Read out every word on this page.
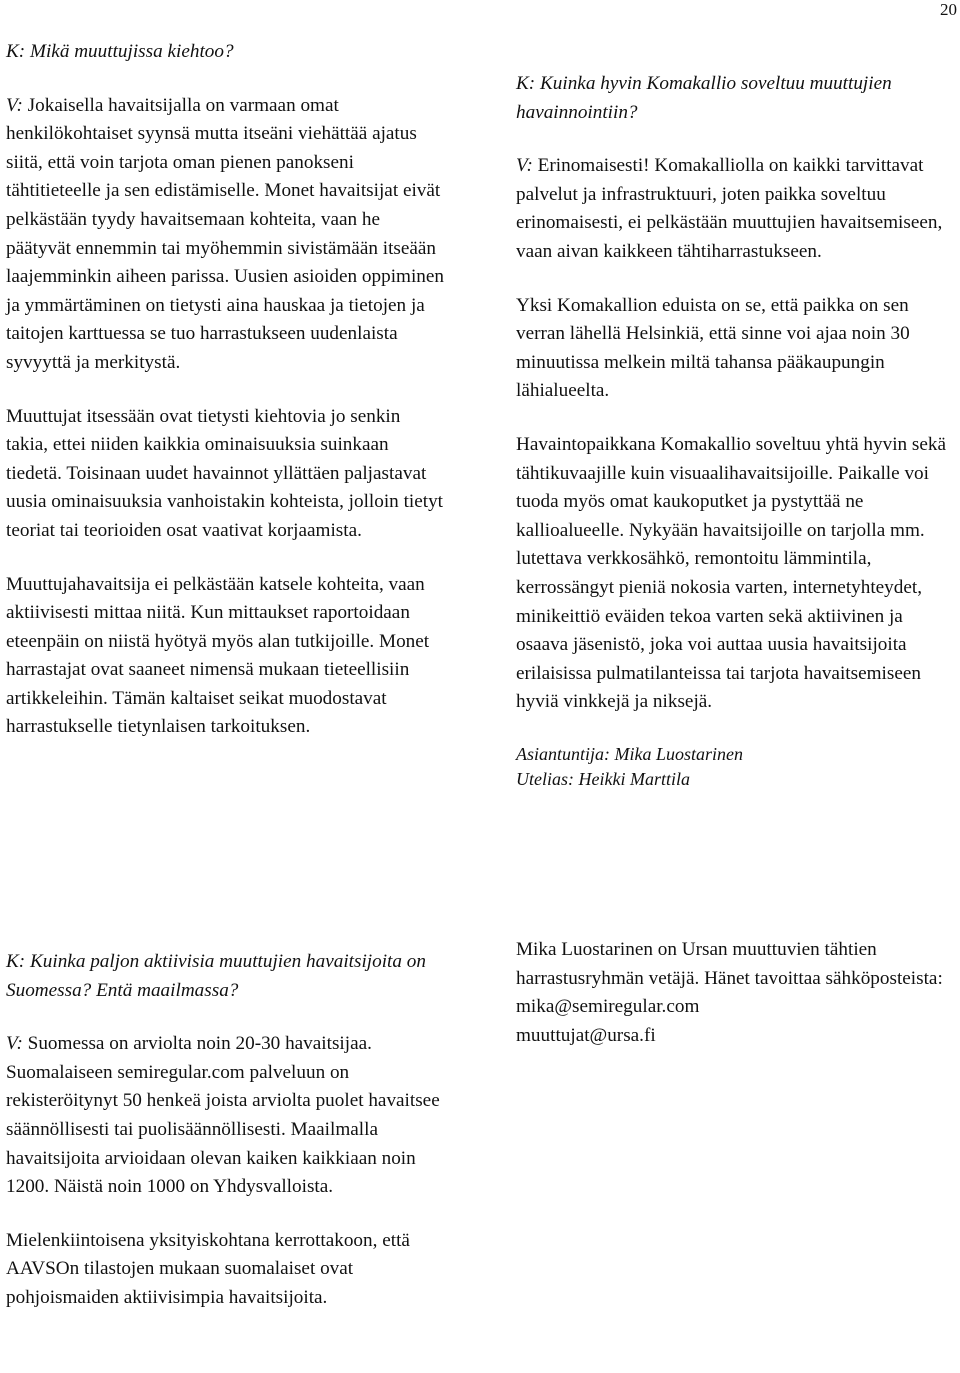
20

K: Mikä muuttujissa kiehtoo?

V: Jokaisella havaitsijalla on varmaan omat henkilökohtaiset syynsä mutta itseäni viehättää ajatus siitä, että voin tarjota oman pienen panokseni tähtitieteelle ja sen edistämiselle. Monet havaitsijat eivät pelkästään tyydy havaitsemaan kohteita, vaan he päätyvät ennemmin tai myöhemmin sivistämään itseään laajemminkin aiheen parissa. Uusien asioiden oppiminen ja ymmärtäminen on tietysti aina hauskaa ja tietojen ja taitojen karttuessa se tuo harrastukseen uudenlaista syvyyttä ja merkitystä.

Muuttujat itsessään ovat tietysti kiehtovia jo senkin takia, ettei niiden kaikkia ominaisuuksia suinkaan tiedetä. Toisinaan uudet havainnot yllättäen paljastavat uusia ominaisuuksia vanhoistakin kohteista, jolloin tietyt teoriat tai teorioiden osat vaativat korjaamista.

Muuttujahavaitsija ei pelkästään katsele kohteita, vaan aktiivisesti mittaa niitä. Kun mittaukset raportoidaan eteenpäin on niistä hyötyä myös alan tutkijoille. Monet harrastajat ovat saaneet nimensä mukaan tieteellisiin artikkeleihin. Tämän kaltaiset seikat muodostavat harrastukselle tietynlaisen tarkoituksen.

K: Kuinka hyvin Komakallio soveltuu muuttujien havainnointiin?

V: Erinomaisesti! Komakalliolla on kaikki tarvittavat palvelut ja infrastruktuuri, joten paikka soveltuu erinomaisesti, ei pelkästään muuttujien havaitsemiseen, vaan aivan kaikkeen tähtiharrastukseen.

Yksi Komakallion eduista on se, että paikka on sen verran lähellä Helsinkiä, että sinne voi ajaa noin 30 minuutissa melkein miltä tahansa pääkaupungin lähialueelta.

Havaintopaikkana Komakallio soveltuu yhtä hyvin sekä tähtikuvaajille kuin visuaalihavaitsijoille. Paikalle voi tuoda myös omat kaukoputket ja pystyttää ne kallioalueelle. Nykyään havaitsijoille on tarjolla mm. lutettava verkkosähkö, remontoitu lämmintila, kerrossängyt pieniä nokosia varten, internetyhteydet, minikeittiö eväiden tekoa varten sekä aktiivinen ja osaava jäsenistö, joka voi auttaa uusia havaitsijoita erilaisissa pulmatilanteissa tai tarjota havaitsemiseen hyviä vinkkejä ja niksejä.

Asiantuntija: Mika Luostarinen

Utelias: Heikki Marttila

K: Kuinka paljon aktiivisia muuttujien havaitsijoita on Suomessa? Entä maailmassa?

V: Suomessa on arviolta noin 20-30 havaitsijaa. Suomalaiseen semiregular.com palveluun on rekisteröitynyt 50 henkeä joista arviolta puolet havaitsee säännöllisesti tai puolisäännöllisesti. Maailmalla havaitsijoita arvioidaan olevan kaiken kaikkiaan noin 1200. Näistä noin 1000 on Yhdysvalloista.

Mielenkiintoisena yksityiskohtana kerrottakoon, että AAVSOn tilastojen mukaan suomalaiset ovat pohjoismaiden aktiivisimpia havaitsijoita.

Mika Luostarinen on Ursan muuttuvien tähtien harrastusryhmän vetäjä. Hänet tavoittaa sähköposteista:

mika@semiregular.com

muuttujat@ursa.fi
